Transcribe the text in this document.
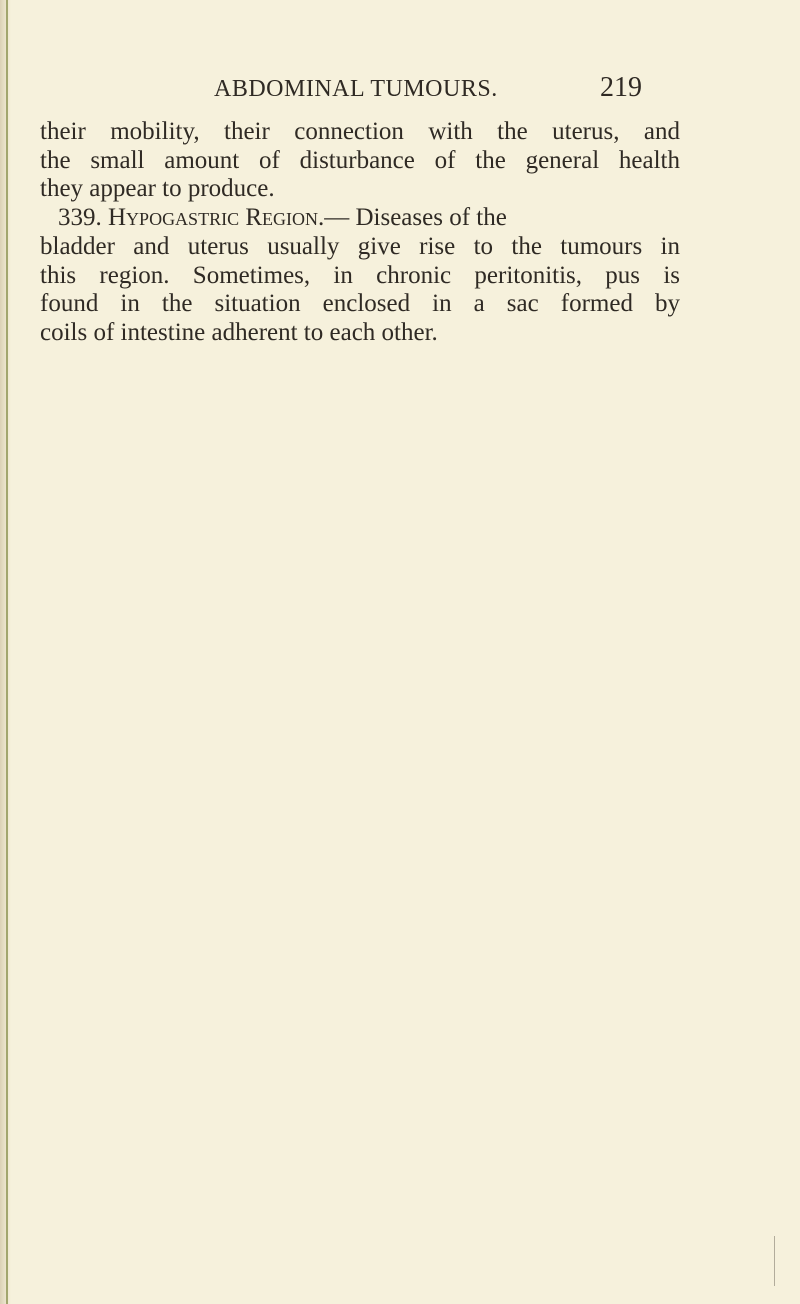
ABDOMINAL TUMOURS.	219
their mobility, their connection with the uterus, and
the small amount of disturbance of the general health
they appear to produce.
339. Hypogastric Region.— Diseases of the
bladder and uterus usually give rise to the tumours in
this region. Sometimes, in chronic peritonitis, pus is
found in the situation enclosed in a sac formed by
coils of intestine adherent to each other.
